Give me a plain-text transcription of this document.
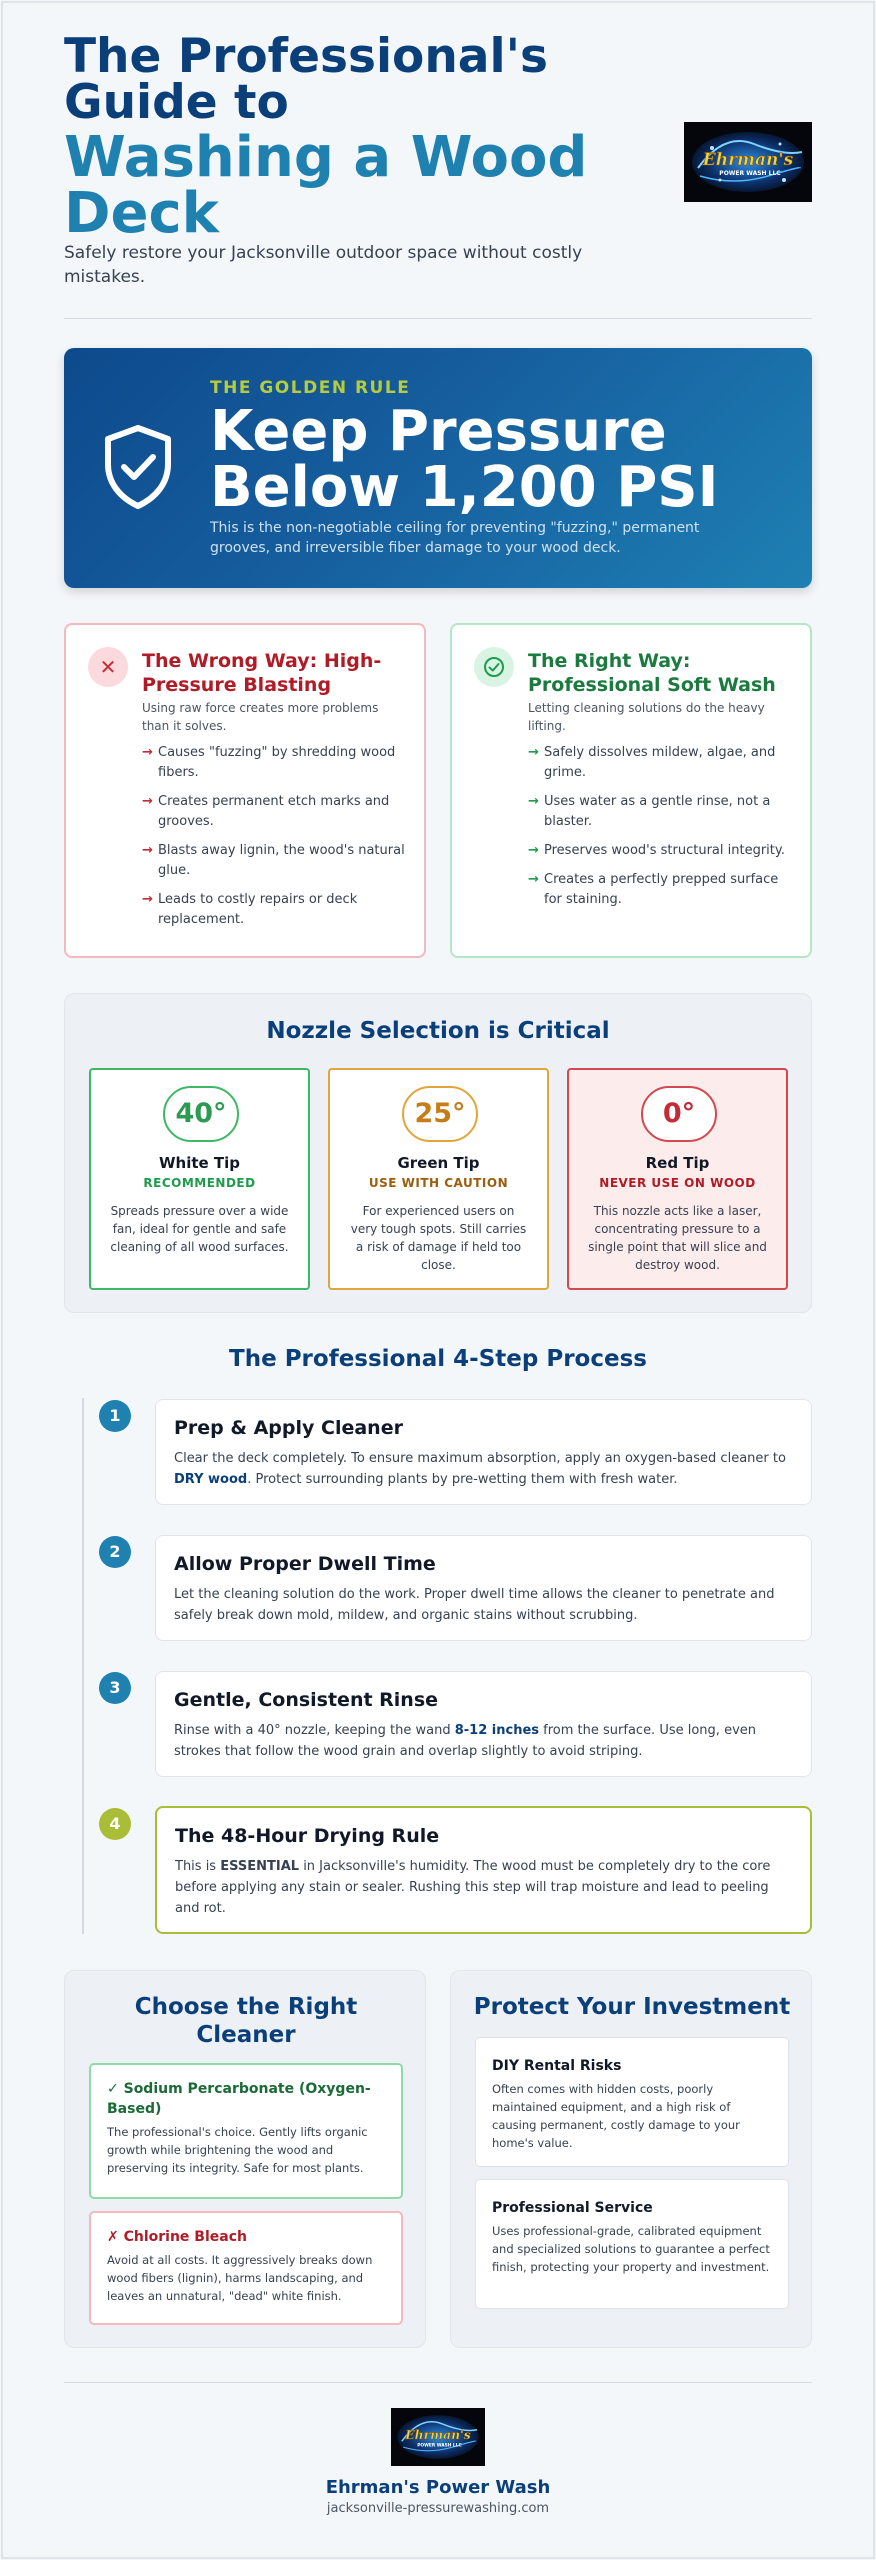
The Professional's Guide to
Washing a Wood Deck
Safely restore your Jacksonville outdoor space without costly mistakes.
Ehrman's
POWER WASH LLC
THE GOLDEN RULE
Keep Pressure Below 1,200 PSI
This is the non-negotiable ceiling for preventing "fuzzing," permanent grooves, and irreversible fiber damage to your wood deck.
✕	The Wrong Way: High-Pressure Blasting
Using raw force creates more problems than it solves.
→ Causes "fuzzing" by shredding wood fibers.
→ Creates permanent etch marks and grooves.
→ Blasts away lignin, the wood's natural glue.
→ Leads to costly repairs or deck replacement.
The Right Way: Professional Soft Wash
Letting cleaning solutions do the heavy lifting.
→ Safely dissolves mildew, algae, and grime.
→ Uses water as a gentle rinse, not a blaster.
→ Preserves wood's structural integrity.
→ Creates a perfectly prepped surface for staining.
Nozzle Selection is Critical
40°
White Tip
RECOMMENDED
Spreads pressure over a wide fan, ideal for gentle and safe cleaning of all wood surfaces.
25°
Green Tip
USE WITH CAUTION
For experienced users on very tough spots. Still carries a risk of damage if held too close.
0°
Red Tip
NEVER USE ON WOOD
This nozzle acts like a laser, concentrating pressure to a single point that will slice and destroy wood.
The Professional 4-Step Process
1
Prep & Apply Cleaner
Clear the deck completely. To ensure maximum absorption, apply an oxygen-based cleaner to DRY wood. Protect surrounding plants by pre-wetting them with fresh water.
2
Allow Proper Dwell Time
Let the cleaning solution do the work. Proper dwell time allows the cleaner to penetrate and safely break down mold, mildew, and organic stains without scrubbing.
3
Gentle, Consistent Rinse
Rinse with a 40° nozzle, keeping the wand 8-12 inches from the surface. Use long, even strokes that follow the wood grain and overlap slightly to avoid striping.
4
The 48-Hour Drying Rule
This is ESSENTIAL in Jacksonville's humidity. The wood must be completely dry to the core before applying any stain or sealer. Rushing this step will trap moisture and lead to peeling and rot.
Choose the Right Cleaner
✓ Sodium Percarbonate (Oxygen-Based)
The professional's choice. Gently lifts organic growth while brightening the wood and preserving its integrity. Safe for most plants.
✗ Chlorine Bleach
Avoid at all costs. It aggressively breaks down wood fibers (lignin), harms landscaping, and leaves an unnatural, "dead" white finish.
Protect Your Investment
DIY Rental Risks
Often comes with hidden costs, poorly maintained equipment, and a high risk of causing permanent, costly damage to your home's value.
Professional Service
Uses professional-grade, calibrated equipment and specialized solutions to guarantee a perfect finish, protecting your property and investment.
Ehrman's
POWER WASH LLC
Ehrman's Power Wash
jacksonville-pressurewashing.com
